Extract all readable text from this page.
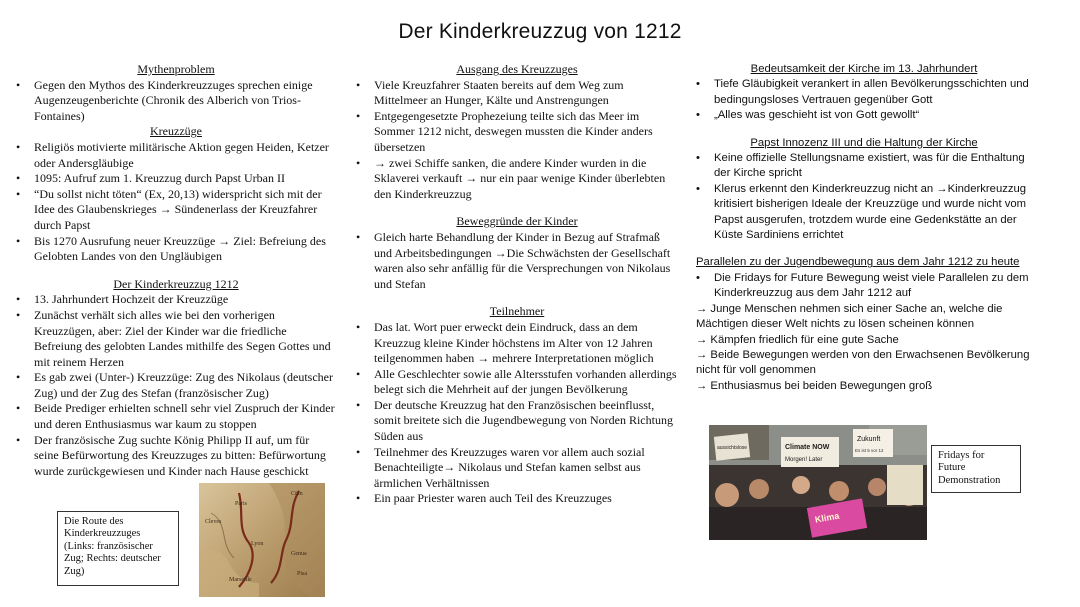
Der Kinderkreuzzug von 1212

Mythenproblem

• Gegen den Mythos des Kinderkreuzzuges sprechen einige Augenzeugenberichte (Chronik des Alberich von Trios-Fontaines)

Kreuzzüge

• Religiös motivierte militärische Aktion gegen Heiden, Ketzer oder Andersgläubige
• 1095: Aufruf zum 1. Kreuzzug durch Papst Urban II
• “Du sollst nicht töten“ (Ex, 20,13) widerspricht sich mit der Idee des Glaubenskrieges → Sündenerlass der Kreuzfahrer durch Papst
• Bis 1270 Ausrufung neuer Kreuzzüge → Ziel: Befreiung des Gelobten Landes von den Ungläubigen

Der Kinderkreuzzug 1212

• 13. Jahrhundert Hochzeit der Kreuzzüge
• Zunächst verhält sich alles wie bei den vorherigen Kreuzzügen, aber: Ziel der Kinder war die friedliche Befreiung des gelobten Landes mithilfe des Segen Gottes und mit reinem Herzen
• Es gab zwei (Unter-) Kreuzzüge: Zug des Nikolaus (deutscher Zug) und der Zug des Stefan (französischer Zug)
• Beide Prediger erhielten schnell sehr viel Zuspruch der Kinder und deren Enthusiasmus war kaum zu stoppen
• Der französische Zug suchte König Philipp II auf, um für seine Befürwortung des Kreuzzuges zu bitten: Befürwortung wurde zurückgewiesen und Kinder nach Hause geschickt

Ausgang des Kreuzzuges

• Viele Kreuzfahrer Staaten bereits auf dem Weg zum Mittelmeer an Hunger, Kälte und Anstrengungen
• Entgegengesetzte Prophezeiung teilte sich das Meer im Sommer 1212 nicht, deswegen mussten die Kinder anders übersetzen
• → zwei Schiffe sanken, die andere Kinder wurden in die Sklaverei verkauft → nur ein paar wenige Kinder überlebten den Kinderkreuzzug

Beweggründe der Kinder

• Gleich harte Behandlung der Kinder in Bezug auf Strafmaß und Arbeitsbedingungen →Die Schwächsten der Gesellschaft waren also sehr anfällig für die Versprechungen von Nikolaus und Stefan

Teilnehmer

• Das lat. Wort puer erweckt dein Eindruck, dass an dem Kreuzzug kleine Kinder höchstens im Alter von 12 Jahren teilgenommen haben → mehrere Interpretationen möglich
• Alle Geschlechter sowie alle Altersstufen vorhanden allerdings belegt sich die Mehrheit auf der jungen Bevölkerung
• Der deutsche Kreuzzug hat den Französischen beeinflusst, somit breitete sich die Jugendbewegung von Norden Richtung Süden aus
• Teilnehmer des Kreuzzuges waren vor allem auch sozial Benachteiligte→ Nikolaus und Stefan kamen selbst aus ärmlichen Verhältnissen
• Ein paar Priester waren auch Teil des Kreuzzuges

Bedeutsamkeit der Kirche im 13. Jahrhundert

• Tiefe Gläubigkeit verankert in allen Bevölkerungsschichten und bedingungsloses Vertrauen gegenüber Gott
• „Alles was geschieht ist von Gott gewollt“

Papst Innozenz III und die Haltung der Kirche

• Keine offizielle Stellungsname existiert, was für die Enthaltung der Kirche spricht
• Klerus erkennt den Kinderkreuzzug nicht an →Kinderkreuzzug kritisiert bisherigen Ideale der Kreuzzüge und wurde nicht vom Papst ausgerufen, trotzdem wurde eine Gedenkstätte an der Küste Sardiniens errichtet

Parallelen zu der Jugendbewegung aus dem Jahr 1212 zu heute

• Die Fridays for Future Bewegung weist viele Parallelen zu dem Kinderkreuzzug aus dem Jahr 1212 auf

→ Junge Menschen nehmen sich einer Sache an, welche die Mächtigen dieser Welt nichts zu lösen scheinen können

→ Kämpfen friedlich für eine gute Sache

→ Beide Bewegungen werden von den Erwachsenen Bevölkerung nicht für voll genommen

→ Enthusiasmus bei beiden Bewegungen groß

Cöln
Paris
Cleves
Lyon
Genua
Pisa
Marseille
Die Route des Kinderkreuzzuges (Links: französischer Zug; Rechts: deutscher Zug)
aussichtslose	Climate NOW
Morgen! Later
Zukunft
Es ist 5 vor 12
Klima
Fridays for Future Demonstration
